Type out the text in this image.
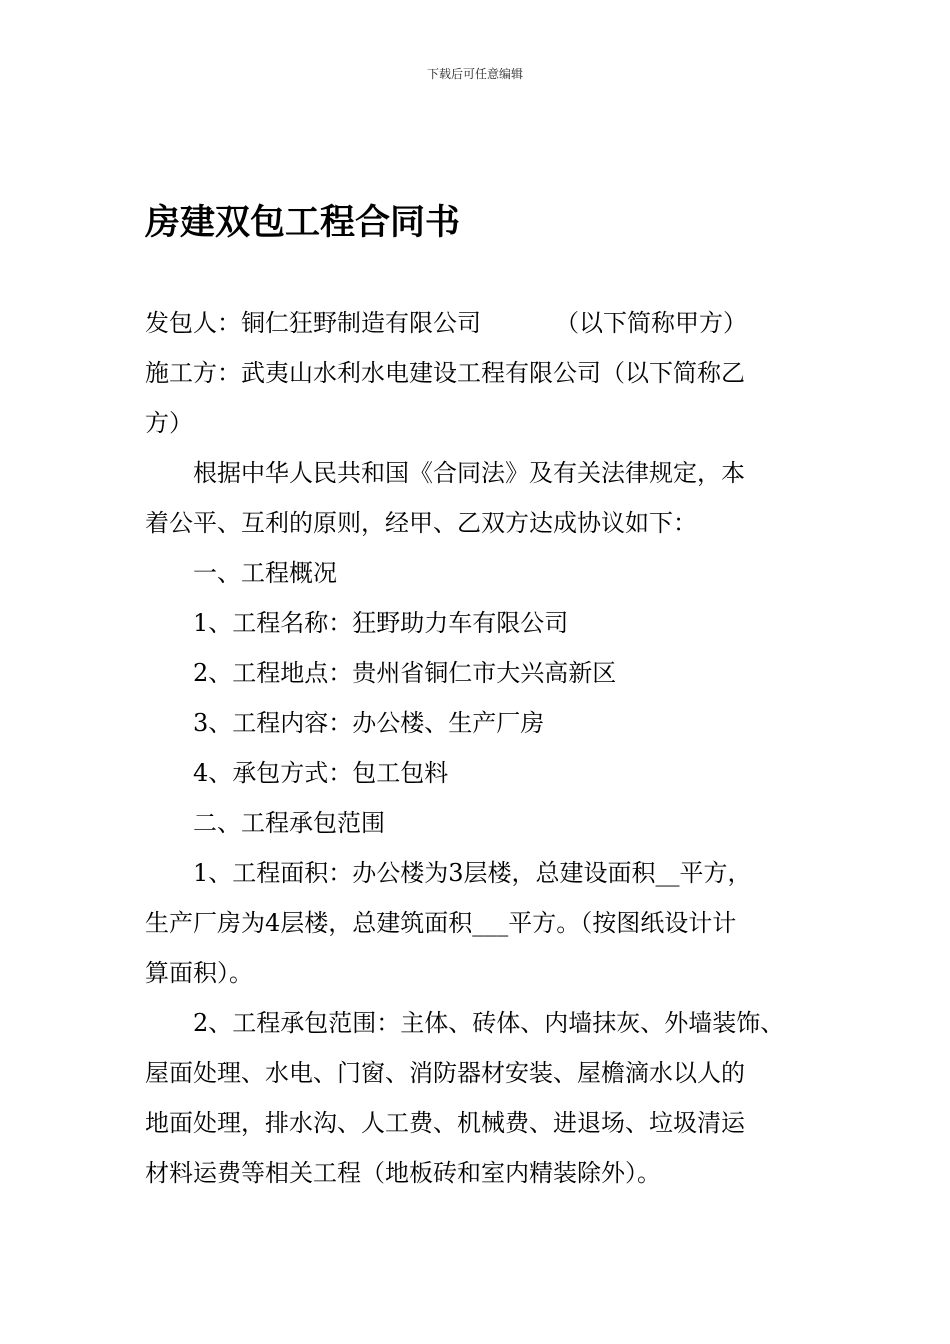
下载后可任意编辑
房建双包工程合同书
发包人：铜仁狂野制造有限公司	（以下简称甲方）
施工方：武夷山水利水电建设工程有限公司（以下简称乙
方）
根据中华人民共和国《合同法》及有关法律规定，本
着公平、互利的原则，经甲、乙双方达成协议如下：
一、工程概况
1、工程名称：狂野助力车有限公司
2、工程地点：贵州省铜仁市大兴高新区
3、工程内容：办公楼、生产厂房
4、承包方式：包工包料
二、工程承包范围
1、工程面积：办公楼为3层楼，总建设面积__平方，
生产厂房为4层楼，总建筑面积___平方。（按图纸设计计
算面积）。
2、工程承包范围：主体、砖体、内墙抹灰、外墙装饰、
屋面处理、水电、门窗、消防器材安装、屋檐滴水以人的
地面处理，排水沟、人工费、机械费、进退场、垃圾清运
材料运费等相关工程（地板砖和室内精装除外）。
